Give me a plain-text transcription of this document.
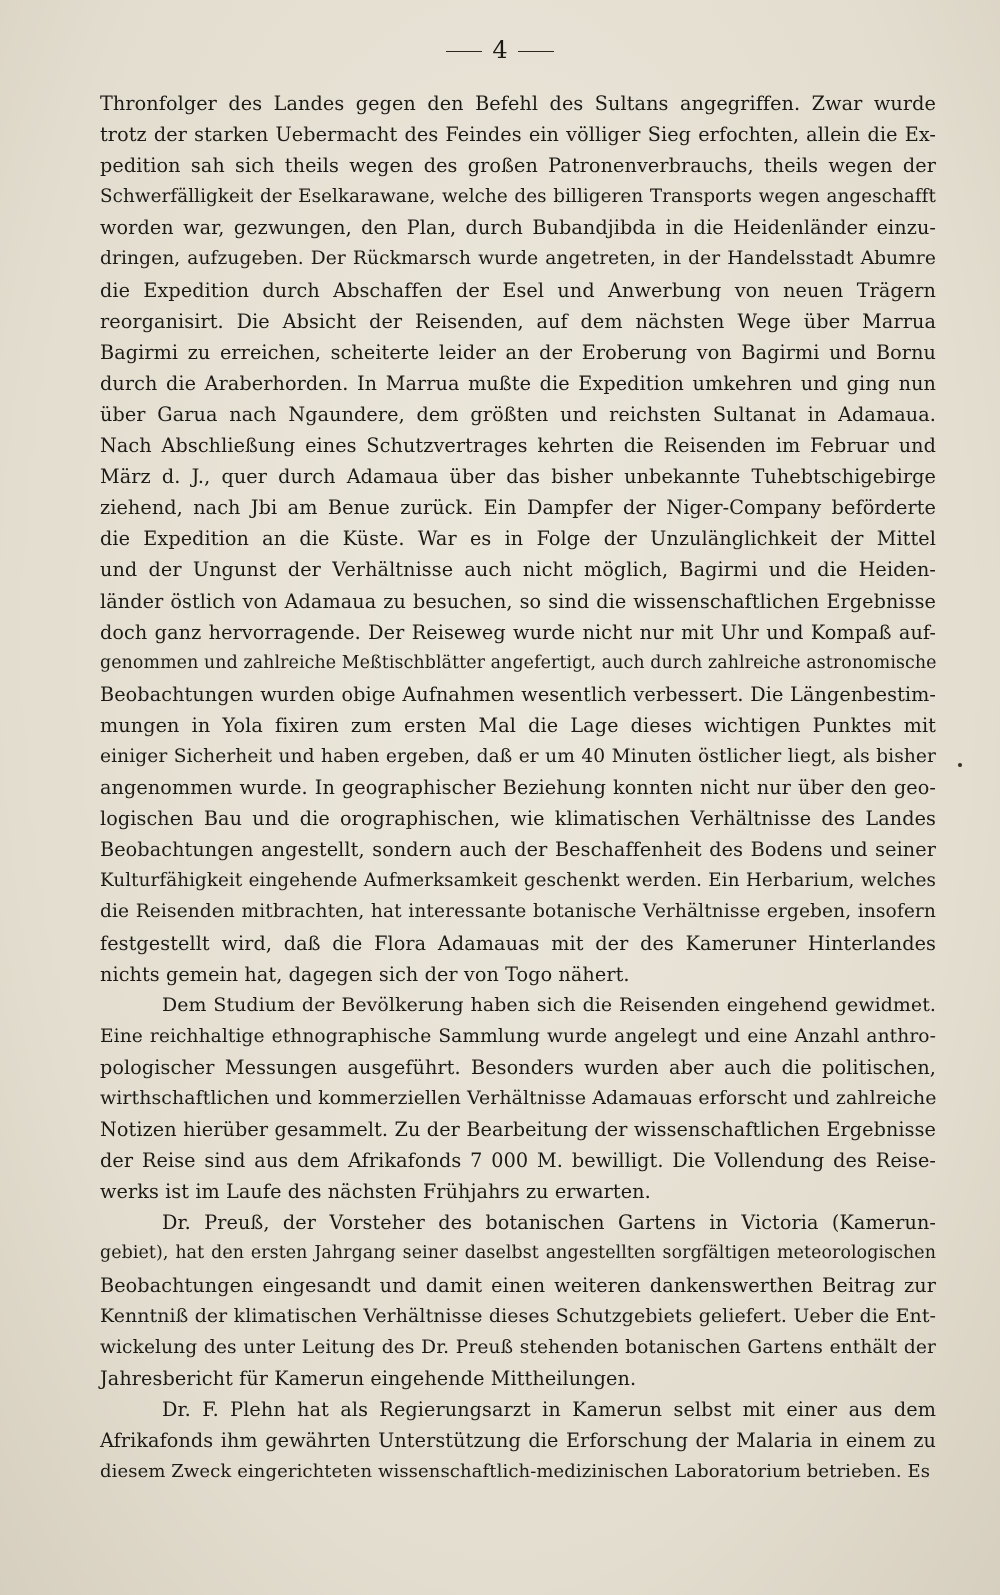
4
Thronfolger des Landes gegen den Befehl des Sultans angegriffen. Zwar wurde
trotz der starken Uebermacht des Feindes ein völliger Sieg erfochten, allein die Ex-
pedition sah sich theils wegen des großen Patronenverbrauchs, theils wegen der
Schwerfälligkeit der Eselkarawane, welche des billigeren Transports wegen angeschafft
worden war, gezwungen, den Plan, durch Bubandjibda in die Heidenländer einzu-
dringen, aufzugeben. Der Rückmarsch wurde angetreten, in der Handelsstadt Abumre
die Expedition durch Abschaffen der Esel und Anwerbung von neuen Trägern
reorganisirt. Die Absicht der Reisenden, auf dem nächsten Wege über Marrua
Bagirmi zu erreichen, scheiterte leider an der Eroberung von Bagirmi und Bornu
durch die Araberhorden. In Marrua mußte die Expedition umkehren und ging nun
über Garua nach Ngaundere, dem größten und reichsten Sultanat in Adamaua.
Nach Abschließung eines Schutzvertrages kehrten die Reisenden im Februar und
März d. J., quer durch Adamaua über das bisher unbekannte Tuhebtschigebirge
ziehend, nach Jbi am Benue zurück. Ein Dampfer der Niger-Company beförderte
die Expedition an die Küste. War es in Folge der Unzulänglichkeit der Mittel
und der Ungunst der Verhältnisse auch nicht möglich, Bagirmi und die Heiden-
länder östlich von Adamaua zu besuchen, so sind die wissenschaftlichen Ergebnisse
doch ganz hervorragende. Der Reiseweg wurde nicht nur mit Uhr und Kompaß auf-
genommen und zahlreiche Meßtischblätter angefertigt, auch durch zahlreiche astronomische
Beobachtungen wurden obige Aufnahmen wesentlich verbessert. Die Längenbestim-
mungen in Yola fixiren zum ersten Mal die Lage dieses wichtigen Punktes mit
einiger Sicherheit und haben ergeben, daß er um 40 Minuten östlicher liegt, als bisher
angenommen wurde. In geographischer Beziehung konnten nicht nur über den geo-
logischen Bau und die orographischen, wie klimatischen Verhältnisse des Landes
Beobachtungen angestellt, sondern auch der Beschaffenheit des Bodens und seiner
Kulturfähigkeit eingehende Aufmerksamkeit geschenkt werden. Ein Herbarium, welches
die Reisenden mitbrachten, hat interessante botanische Verhältnisse ergeben, insofern
festgestellt wird, daß die Flora Adamauas mit der des Kameruner Hinterlandes
nichts gemein hat, dagegen sich der von Togo nähert.
Dem Studium der Bevölkerung haben sich die Reisenden eingehend gewidmet.
Eine reichhaltige ethnographische Sammlung wurde angelegt und eine Anzahl anthro-
pologischer Messungen ausgeführt. Besonders wurden aber auch die politischen,
wirthschaftlichen und kommerziellen Verhältnisse Adamauas erforscht und zahlreiche
Notizen hierüber gesammelt. Zu der Bearbeitung der wissenschaftlichen Ergebnisse
der Reise sind aus dem Afrikafonds 7 000 M. bewilligt. Die Vollendung des Reise-
werks ist im Laufe des nächsten Frühjahrs zu erwarten.
Dr. Preuß, der Vorsteher des botanischen Gartens in Victoria (Kamerun-
gebiet), hat den ersten Jahrgang seiner daselbst angestellten sorgfältigen meteorologischen
Beobachtungen eingesandt und damit einen weiteren dankenswerthen Beitrag zur
Kenntniß der klimatischen Verhältnisse dieses Schutzgebiets geliefert. Ueber die Ent-
wickelung des unter Leitung des Dr. Preuß stehenden botanischen Gartens enthält der
Jahresbericht für Kamerun eingehende Mittheilungen.
Dr. F. Plehn hat als Regierungsarzt in Kamerun selbst mit einer aus dem
Afrikafonds ihm gewährten Unterstützung die Erforschung der Malaria in einem zu
diesem Zweck eingerichteten wissenschaftlich-medizinischen Laboratorium betrieben. Es
